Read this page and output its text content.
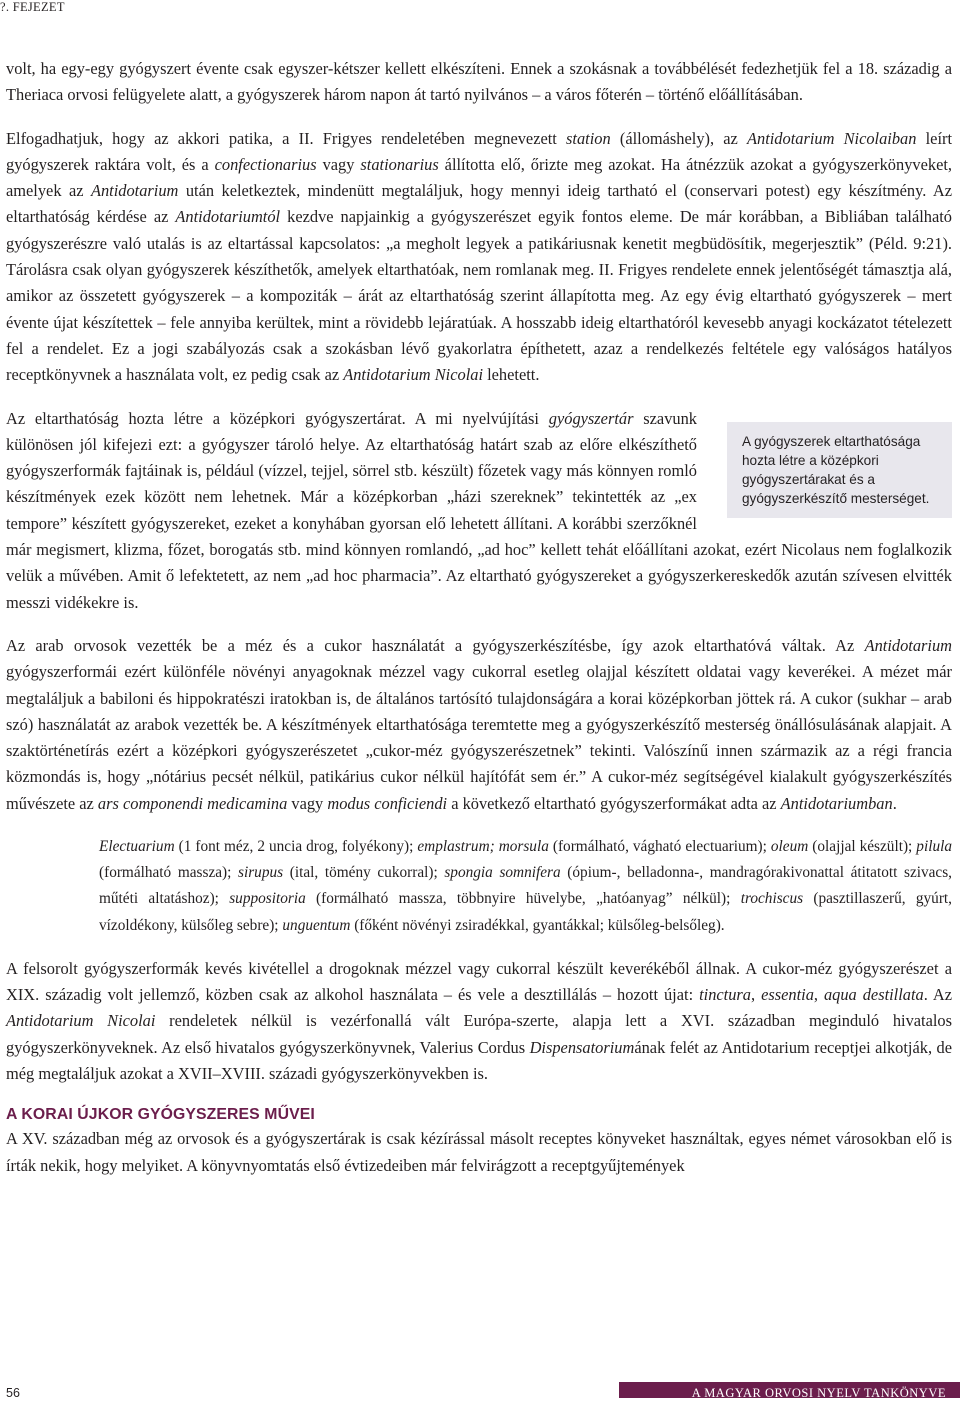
?. FEJEZET

volt, ha egy-egy gyógyszert évente csak egyszer-kétszer kellett elkészíteni. Ennek a szokásnak a továbbélését fedezhetjük fel a 18. századig a Theriaca orvosi felügyelete alatt, a gyógyszerek három napon át tartó nyilvános – a város főterén – történő előállításában.

Elfogadhatjuk, hogy az akkori patika, a II. Frigyes rendeletében megnevezett station (állomáshely), az Antidotarium Nicolaiban leírt gyógyszerek raktára volt, és a confectionarius vagy stationarius állította elő, őrizte meg azokat. Ha átnézzük azokat a gyógyszerkönyveket, amelyek az Antidotarium után keletkeztek, mindenütt megtaláljuk, hogy mennyi ideig tartható el (conservari potest) egy készítmény. Az eltarthatóság kérdése az Antidotariumtól kezdve napjainkig a gyógyszerészet egyik fontos eleme. De már korábban, a Bibliában található gyógyszerészre való utalás is az eltartással kapcsolatos: „a megholt legyek a patikáriusnak kenetit megbüdösítik, megerjesztik” (Péld. 9:21). Tárolásra csak olyan gyógyszerek készíthetők, amelyek eltarthatóak, nem romlanak meg. II. Frigyes rendelete ennek jelentőségét támasztja alá, amikor az összetett gyógyszerek – a kompoziták – árát az eltarthatóság szerint állapította meg. Az egy évig eltartható gyógyszerek – mert évente újat készítettek – fele annyiba kerültek, mint a rövidebb lejáratúak. A hosszabb ideig eltarthatóról kevesebb anyagi kockázatot tételezett fel a rendelet. Ez a jogi szabályozás csak a szokásban lévő gyakorlatra építhetett, azaz a rendelkezés feltétele egy valóságos hatályos receptkönyvnek a használata volt, ez pedig csak az Antidotarium Nicolai lehetett.

A gyógyszerek eltarthatósága hozta létre a középkori gyógyszertárakat és a gyógyszerkészítő mesterséget.

Az eltarthatóság hozta létre a középkori gyógyszertárat. A mi nyelvújítási gyógyszertár szavunk különösen jól kifejezi ezt: a gyógyszer tároló helye. Az eltarthatóság határt szab az előre elkészíthető gyógyszerformák fajtáinak is, például (vízzel, tejjel, sörrel stb. készült) főzetek vagy más könnyen romló készítmények ezek között nem lehetnek. Már a középkorban „házi szereknek” tekintették az „ex tempore” készített gyógyszereket, ezeket a konyhában gyorsan elő lehetett állítani. A korábbi szerzőknél már megismert, klizma, főzet, borogatás stb. mind könnyen romlandó, „ad hoc” kellett tehát előállítani azokat, ezért Nicolaus nem foglalkozik velük a művében. Amit ő lefektetett, az nem „ad hoc pharmacia”. Az eltartható gyógyszereket a gyógyszerkereskedők azután szívesen elvitték messzi vidékekre is.

Az arab orvosok vezették be a méz és a cukor használatát a gyógyszerkészítésbe, így azok eltarthatóvá váltak. Az Antidotarium gyógyszerformái ezért különféle növényi anyagoknak mézzel vagy cukorral esetleg olajjal készített oldatai vagy keverékei. A mézet már megtaláljuk a babiloni és hippokratészi iratokban is, de általános tartósító tulajdonságára a korai középkorban jöttek rá. A cukor (sukhar – arab szó) használatát az arabok vezették be. A készítmények eltarthatósága teremtette meg a gyógyszerkészítő mesterség önállósulásának alapjait. A szaktörténetírás ezért a középkori gyógyszerészetet „cukor-méz gyógyszerészetnek” tekinti. Valószínű innen származik az a régi francia közmondás is, hogy „nótárius pecsét nélkül, patikárius cukor nélkül hajítófát sem ér.” A cukor-méz segítségével kialakult gyógyszerkészítés művészete az ars componendi medicamina vagy modus conficiendi a következő eltartható gyógyszerformákat adta az Antidotariumban.

Electuarium (1 font méz, 2 uncia drog, folyékony); emplastrum; morsula (formálható, vágható electuarium); oleum (olajjal készült); pilula (formálható massza); sirupus (ital, tömény cukorral); spongia somnifera (ópium-, belladonna-, mandragórakivonattal átitatott szivacs, műtéti altatáshoz); suppositoria (formálható massza, többnyire hüvelybe, „hatóanyag” nélkül); trochiscus (pasztillaszerű, gyúrt, vízoldékony, külsőleg sebre); unguentum (főként növényi zsiradékkal, gyantákkal; külsőleg-belsőleg).

A felsorolt gyógyszerformák kevés kivétellel a drogoknak mézzel vagy cukorral készült keverékéből állnak. A cukor-méz gyógyszerészet a XIX. századig volt jellemző, közben csak az alkohol használata – és vele a desztillálás – hozott újat: tinctura, essentia, aqua destillata. Az Antidotarium Nicolai rendeletek nélkül is vezérfonallá vált Európa-szerte, alapja lett a XVI. században meginduló hivatalos gyógyszerkönyveknek. Az első hivatalos gyógyszerkönyvnek, Valerius Cordus Dispensatoriumának felét az Antidotarium receptjei alkotják, de még megtaláljuk azokat a XVII–XVIII. századi gyógyszerkönyvekben is.

A KORAI ÚJKOR GYÓGYSZERES MŰVEI

A XV. században még az orvosok és a gyógyszertárak is csak kézírással másolt receptes könyveket használtak, egyes német városokban elő is írták nekik, hogy melyiket. A könyvnyomtatás első évtizedeiben már felvirágzott a receptgyűjtemények

56	A MAGYAR ORVOSI NYELV TANKÖNYVE
